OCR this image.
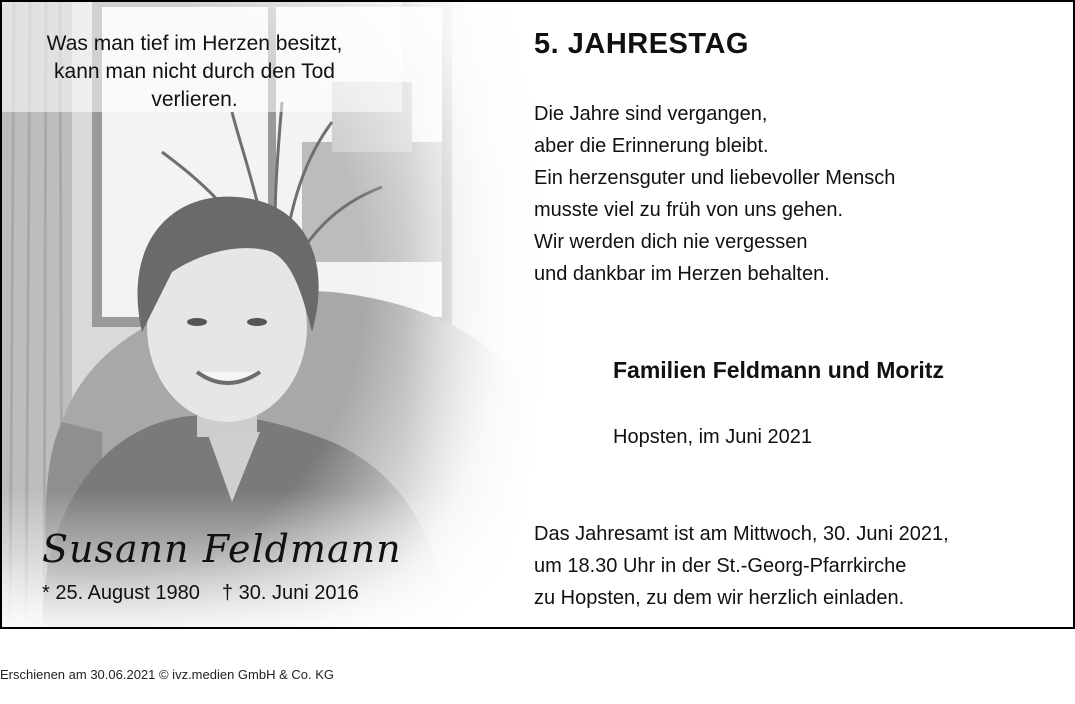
Was man tief im Herzen besitzt,
kann man nicht durch den Tod
verlieren.
Susann Feldmann
* 25. August 1980 † 30. Juni 2016
5. JAHRESTAG
Die Jahre sind vergangen,
aber die Erinnerung bleibt.
Ein herzensguter und liebevoller Mensch
musste viel zu früh von uns gehen.
Wir werden dich nie vergessen
und dankbar im Herzen behalten.
Familien Feldmann und Moritz
Hopsten, im Juni 2021
Das Jahresamt ist am Mittwoch, 30. Juni 2021,
um 18.30 Uhr in der St.-Georg-Pfarrkirche
zu Hopsten, zu dem wir herzlich einladen.
Erschienen am 30.06.2021 © ivz.medien GmbH & Co. KG
